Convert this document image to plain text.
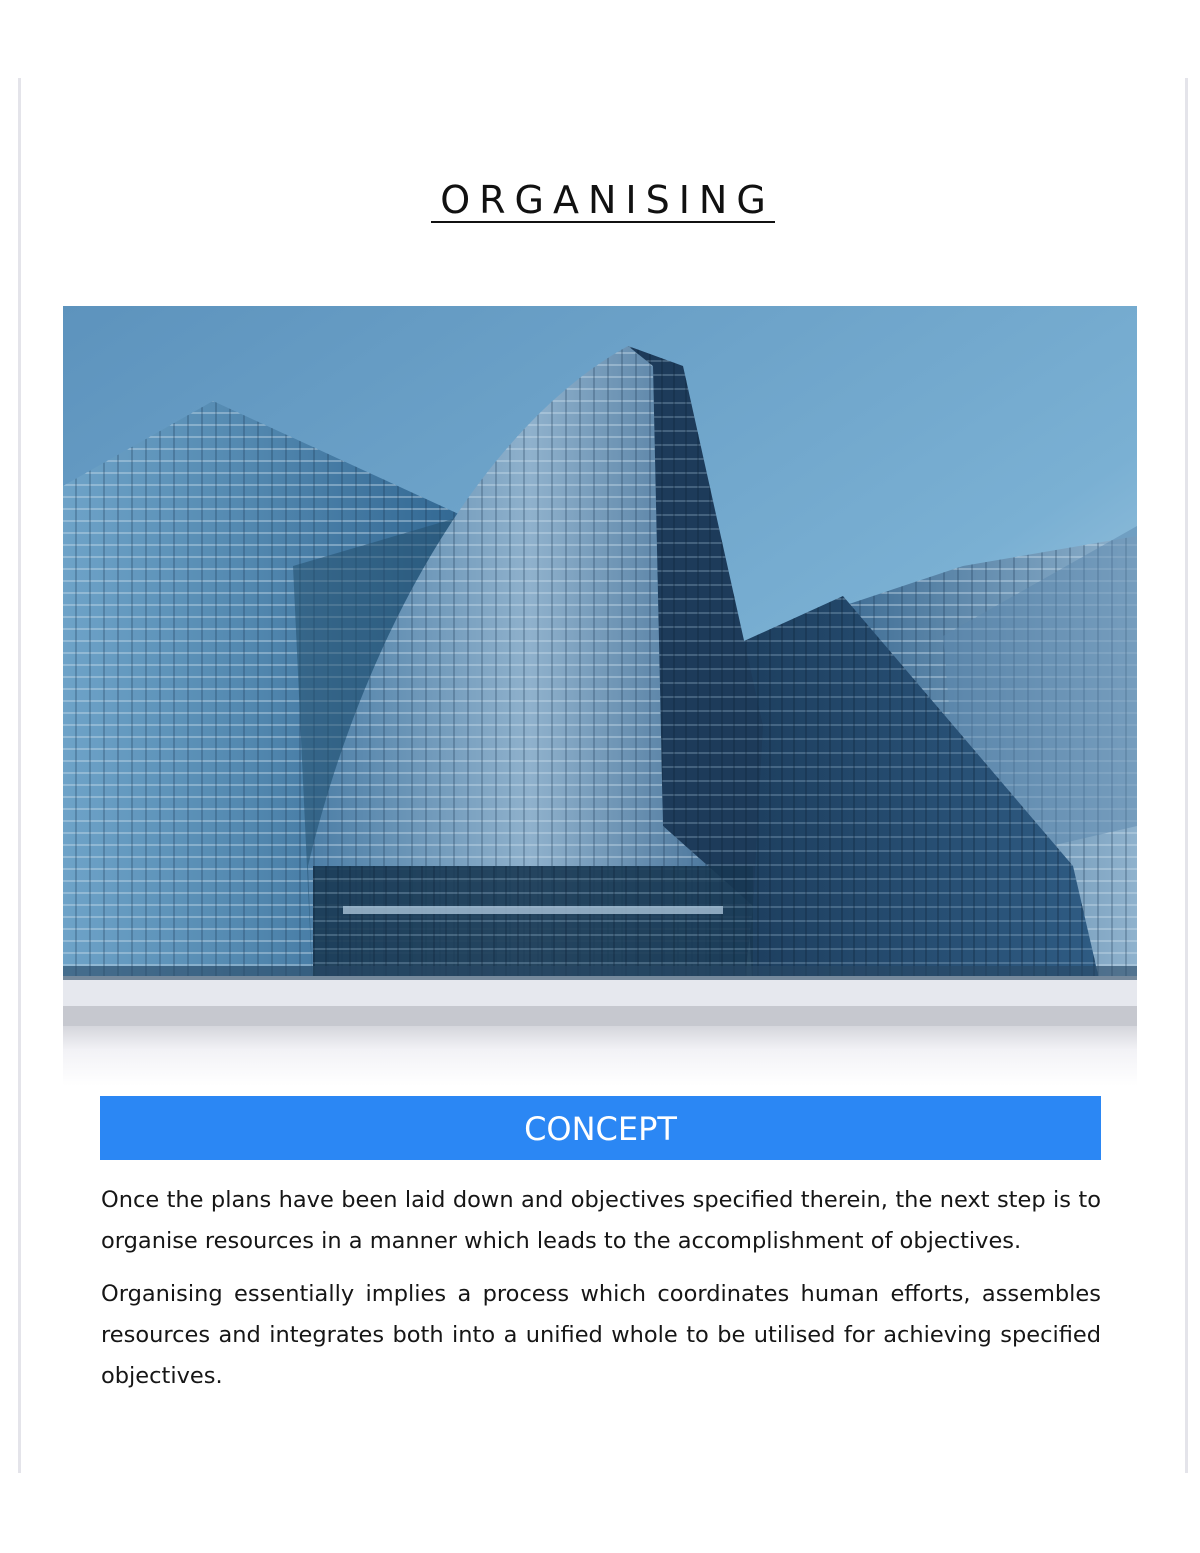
ORGANISING
CONCEPT

Once the plans have been laid down and objectives specified therein, the next step is to organise resources in a manner which leads to the accomplishment of objectives.

Organising essentially implies a process which coordinates human efforts, assembles resources and integrates both into a unified whole to be utilised for achieving specified objectives.
